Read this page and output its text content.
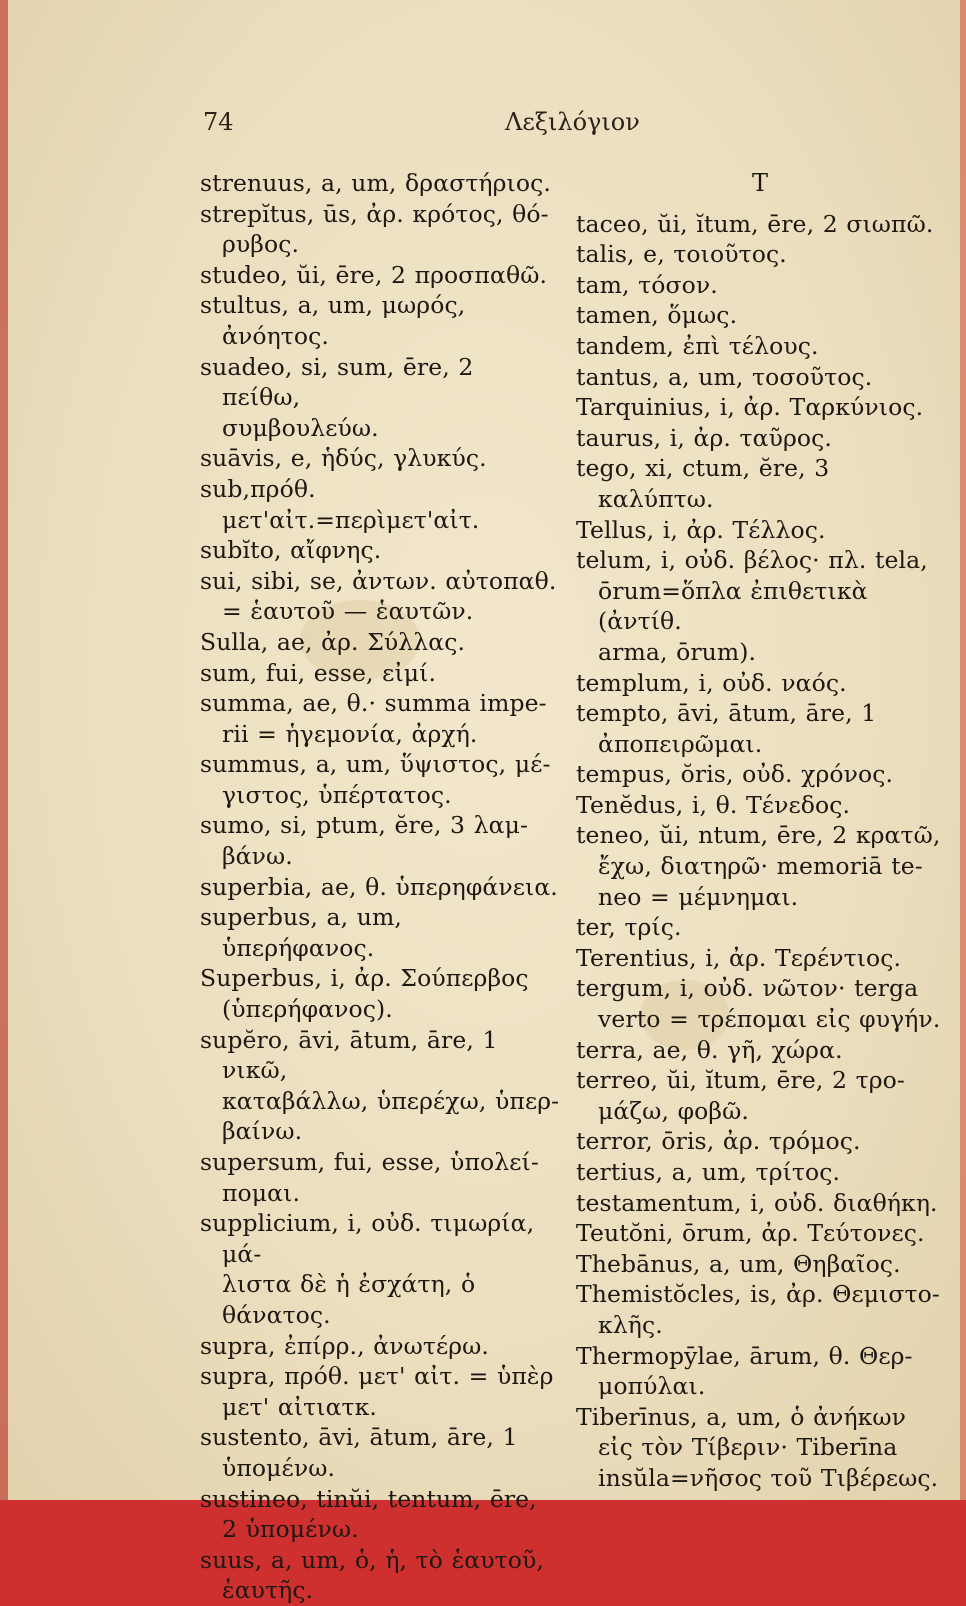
74	Λεξιλόγιον

strenuus, a, um, δραστήριος.

strepĭtus, ūs, ἀρ. κρότος, θό-
ρυβος.

studeo, ŭi, ēre, 2 προσπαθῶ.

stultus, a, um, μωρός, ἀνόητος.

suadeo, si, sum, ēre, 2 πείθω,
συμβουλεύω.

suāvis, e, ἡδύς, γλυκύς.

sub,πρόθ. μετ'αἰτ.=περὶμετ'αἰτ.

subĭto, αἴφνης.

sui, sibi, se, ἀντων. αὐτοπαθ.
= ἑαυτοῦ — ἑαυτῶν.

Sulla, ae, ἀρ. Σύλλας.

sum, fui, esse, εἰμί.

summa, ae, θ.· summa impe-
rii = ἡγεμονία, ἀρχή.

summus, a, um, ὕψιστος, μέ-
γιστος, ὑπέρτατος.

sumo, si, ptum, ĕre, 3 λαμ-
βάνω.

superbia, ae, θ. ὑπερηφάνεια.

superbus, a, um, ὑπερήφανος.

Superbus, i, ἀρ. Σούπερβος
(ὑπερήφανος).

supĕro, āvi, ātum, āre, 1 νικῶ,
καταβάλλω, ὑπερέχω, ὑπερ-
βαίνω.

supersum, fui, esse, ὑπολεί-
πομαι.

supplicium, i, οὐδ. τιμωρία, μά-
λιστα δὲ ἡ ἐσχάτη, ὁ θάνατος.

supra, ἐπίρρ., ἀνωτέρω.

supra, πρόθ. μετ' αἰτ. = ὑπὲρ
μετ' αἰτιατκ.

sustento, āvi, ātum, āre, 1
ὑπομένω.

sustineo, tinŭi, tentum, ēre,
2 ὑπομένω.

suus, a, um, ὁ, ἡ, τὸ ἑαυτοῦ,
ἑαυτῆς.

T

taceo, ŭi, ĭtum, ēre, 2 σιωπῶ.

talis, e, τοιοῦτος.

tam, τόσον.

tamen, ὅμως.

tandem, ἐπὶ τέλους.

tantus, a, um, τοσοῦτος.

Tarquinius, i, ἀρ. Ταρκύνιος.

taurus, i, ἀρ. ταῦρος.

tego, xi, ctum, ĕre, 3 καλύπτω.

Tellus, i, ἀρ. Τέλλος.

telum, i, οὐδ. βέλος· πλ. tela,
ōrum=ὅπλα ἐπιθετικὰ (ἀντίθ.
arma, ōrum).

templum, i, οὐδ. ναός.

tempto, āvi, ātum, āre, 1
ἀποπειρῶμαι.

tempus, ŏris, οὐδ. χρόνος.

Tenĕdus, i, θ. Τένεδος.

teneo, ŭi, ntum, ēre, 2 κρατῶ,
ἔχω, διατηρῶ· memoriā te-
neo = μέμνημαι.

ter, τρίς.

Terentius, i, ἀρ. Τερέντιος.

tergum, i, οὐδ. νῶτον· terga
verto = τρέπομαι εἰς φυγήν.

terra, ae, θ. γῆ, χώρα.

terreo, ŭi, ĭtum, ēre, 2 τρο-
μάζω, φοβῶ.

terror, ōris, ἀρ. τρόμος.

tertius, a, um, τρίτος.

testamentum, i, οὐδ. διαθήκη.

Teutŏni, ōrum, ἀρ. Τεύτονες.

Thebānus, a, um, Θηβαῖος.

Themistŏcles, is, ἀρ. Θεμιστο-
κλῆς.

Thermopȳlae, ārum, θ. Θερ-
μοπύλαι.

Tiberīnus, a, um, ὁ ἀνήκων
εἰς τὸν Τίβεριν· Tiberīna
insŭla=νῆσος τοῦ Τιβέρεως.
